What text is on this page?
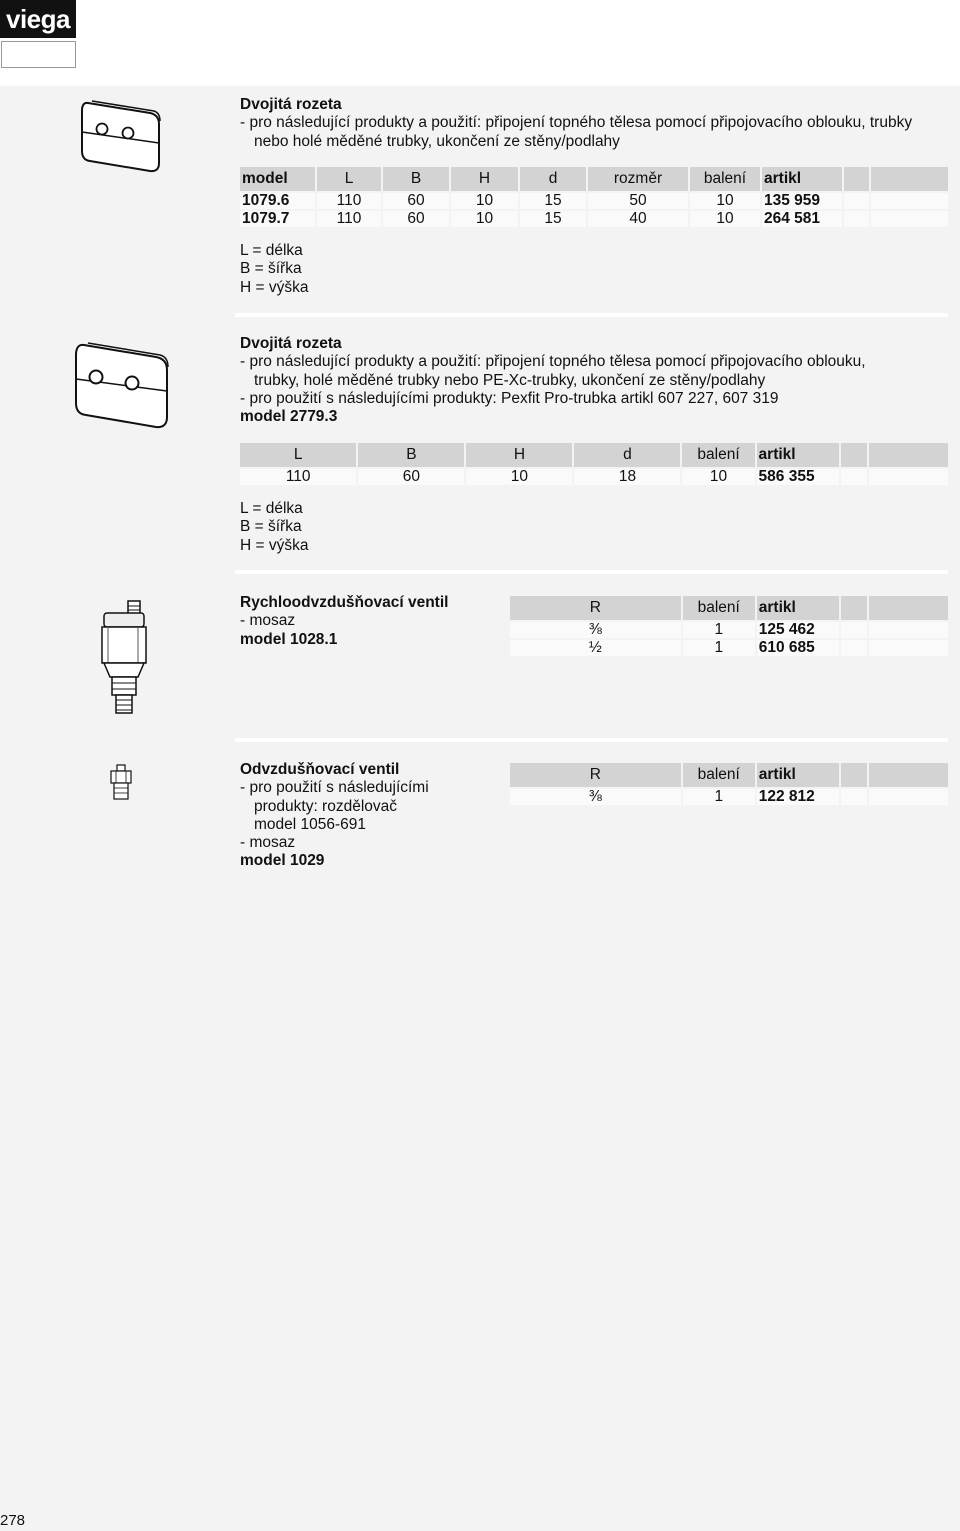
viega
Dvojitá rozeta
- pro následující produkty a použití: připojení topného tělesa pomocí připojovacího oblouku, trubky
nebo holé měděné trubky, ukončení ze stěny/podlahy
model	L	B	H	d	rozměr	balení	artikl		
1079.6	110	60	10	15	50	10	135 959		
1079.7	110	60	10	15	40	10	264 581		
L = délka
B = šířka
H = výška
Dvojitá rozeta
- pro následující produkty a použití: připojení topného tělesa pomocí připojovacího oblouku,
trubky, holé měděné trubky nebo PE-Xc-trubky, ukončení ze stěny/podlahy
- pro použití s následujícími produkty: Pexfit Pro-trubka artikl 607 227, 607 319
model 2779.3
L	B	H	d	balení	artikl		
110	60	10	18	10	586 355		
L = délka
B = šířka
H = výška
Rychloodvzdušňovací ventil
- mosaz
model 1028.1
R	balení	artikl		
⅜	1	125 462		
½	1	610 685		
Odvzdušňovací ventil
- pro použití s následujícími
produkty: rozdělovač
model 1056-691
- mosaz
model 1029
R	balení	artikl		
⅜	1	122 812		
278
